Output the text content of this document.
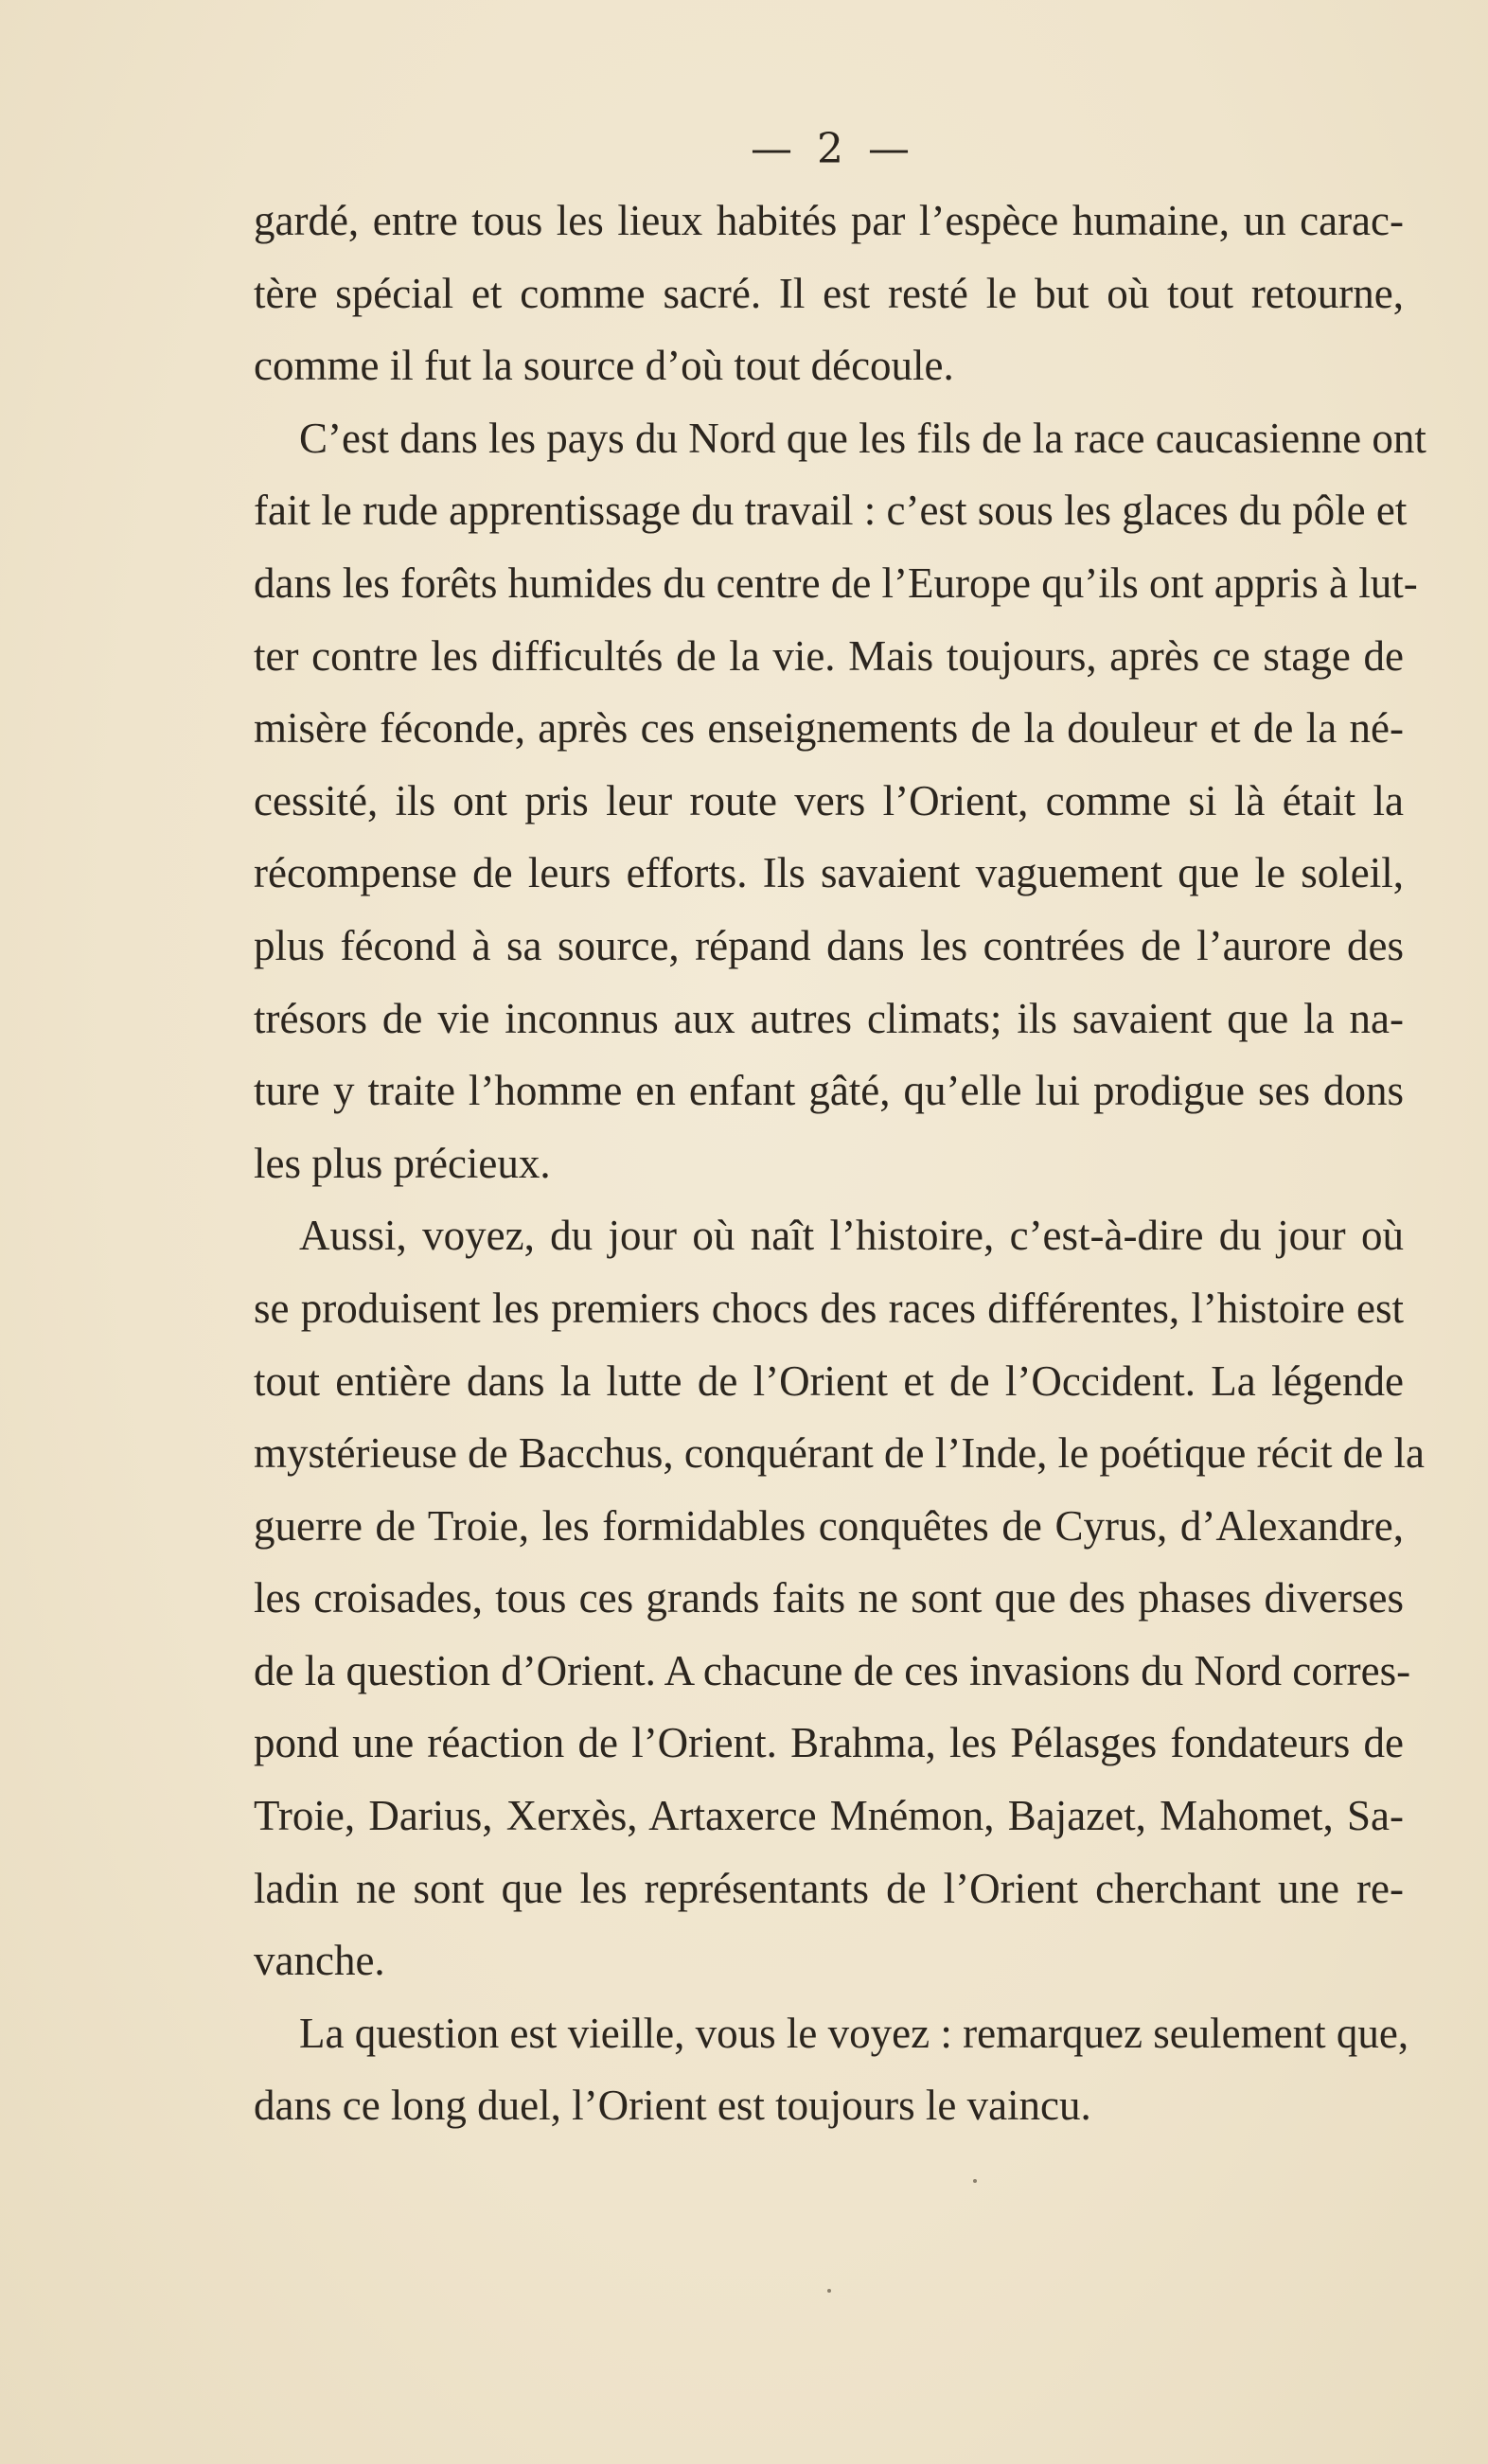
— 2 —
gardé, entre tous les lieux habités par l’espèce humaine, un carac-
tère spécial et comme sacré. Il est resté le but où tout retourne,
comme il fut la source d’où tout découle.
C’est dans les pays du Nord que les fils de la race caucasienne ont
fait le rude apprentissage du travail : c’est sous les glaces du pôle et
dans les forêts humides du centre de l’Europe qu’ils ont appris à lut-
ter contre les difficultés de la vie. Mais toujours, après ce stage de
misère féconde, après ces enseignements de la douleur et de la né-
cessité, ils ont pris leur route vers l’Orient, comme si là était la
récompense de leurs efforts. Ils savaient vaguement que le soleil,
plus fécond à sa source, répand dans les contrées de l’aurore des
trésors de vie inconnus aux autres climats; ils savaient que la na-
ture y traite l’homme en enfant gâté, qu’elle lui prodigue ses dons
les plus précieux.
Aussi, voyez, du jour où naît l’histoire, c’est-à-dire du jour où
se produisent les premiers chocs des races différentes, l’histoire est
tout entière dans la lutte de l’Orient et de l’Occident. La légende
mystérieuse de Bacchus, conquérant de l’Inde, le poétique récit de la
guerre de Troie, les formidables conquêtes de Cyrus, d’Alexandre,
les croisades, tous ces grands faits ne sont que des phases diverses
de la question d’Orient. A chacune de ces invasions du Nord corres-
pond une réaction de l’Orient. Brahma, les Pélasges fondateurs de
Troie, Darius, Xerxès, Artaxerce Mnémon, Bajazet, Mahomet, Sa-
ladin ne sont que les représentants de l’Orient cherchant une re-
vanche.
La question est vieille, vous le voyez : remarquez seulement que,
dans ce long duel, l’Orient est toujours le vaincu.
